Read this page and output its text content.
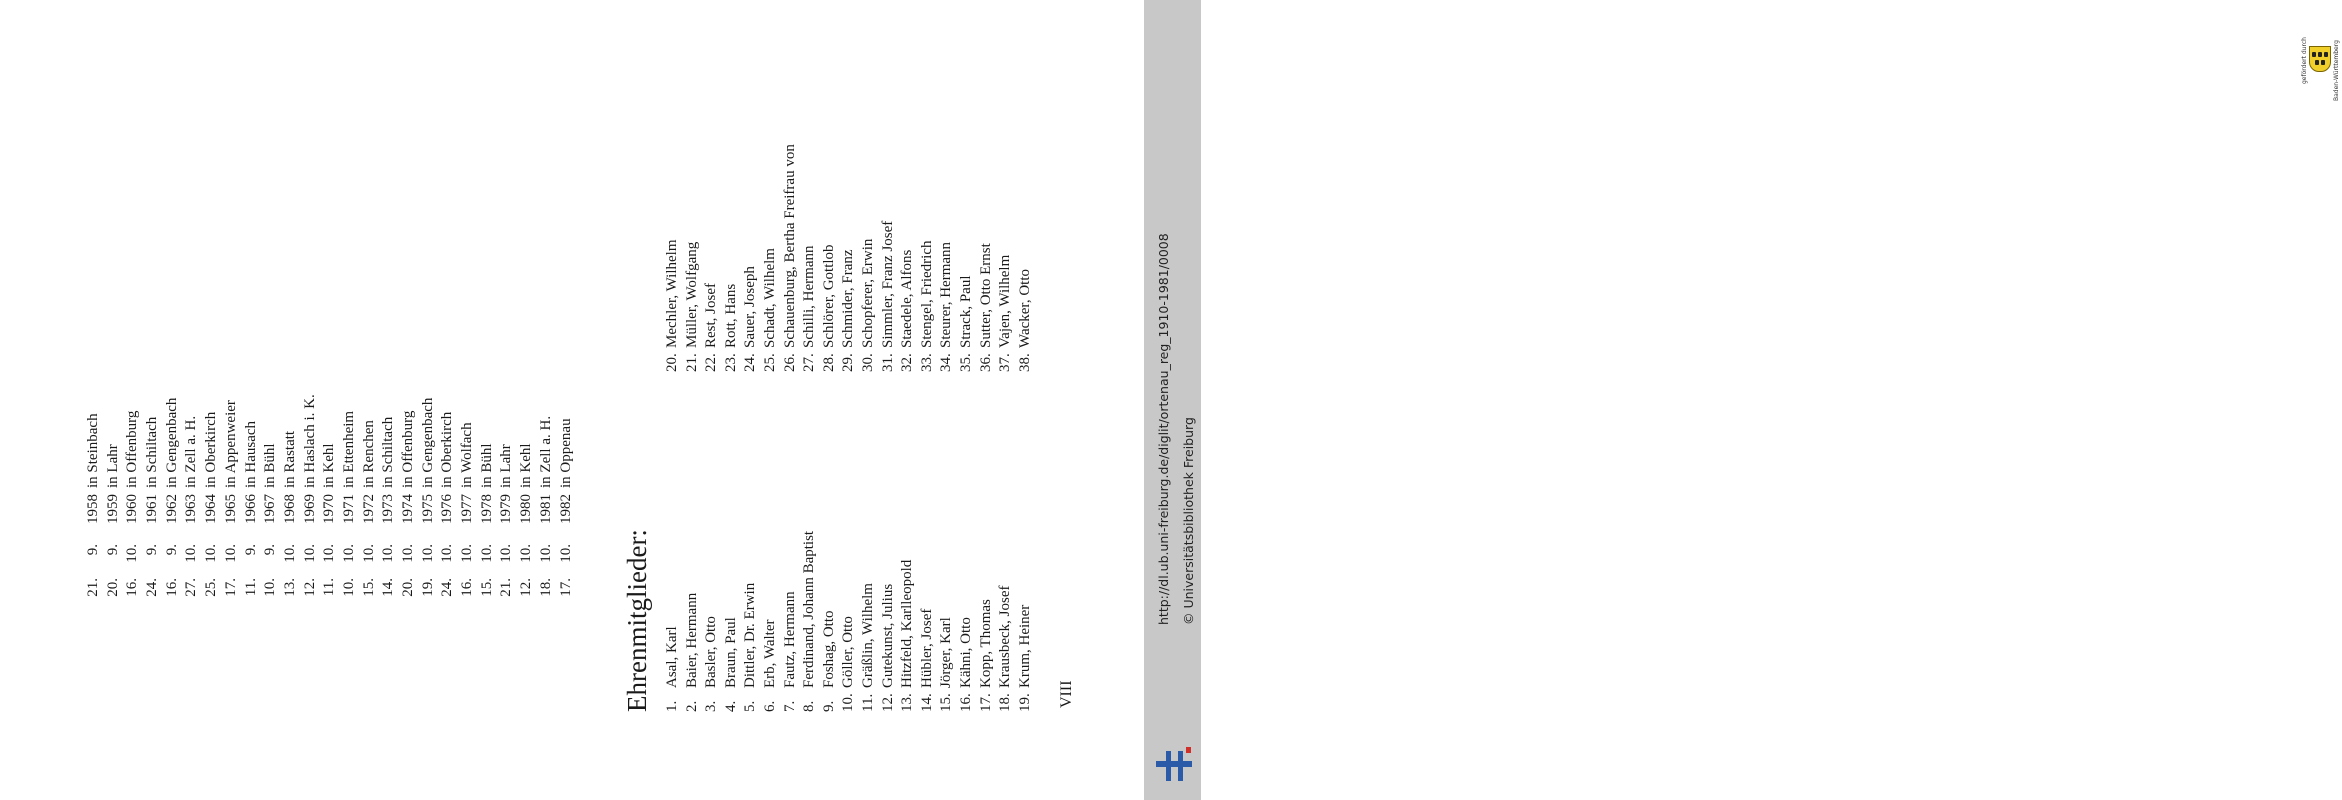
21.
9.
1958
in Steinbach
20.
9.
1959
in Lahr
16.
10.
1960
in Offenburg
24.
9.
1961
in Schiltach
16.
9.
1962
in Gengenbach
27.
10.
1963
in Zell a. H.
25.
10.
1964
in Oberkirch
17.
10.
1965
in Appenweier
11.
9.
1966
in Hausach
10.
9.
1967
in Bühl
13.
10.
1968
in Rastatt
12.
10.
1969
in Haslach i. K.
11.
10.
1970
in Kehl
10.
10.
1971
in Ettenheim
15.
10.
1972
in Renchen
14.
10.
1973
in Schiltach
20.
10.
1974
in Offenburg
19.
10.
1975
in Gengenbach
24.
10.
1976
in Oberkirch
16.
10.
1977
in Wolfach
15.
10.
1978
in Bühl
21.
10.
1979
in Lahr
12.
10.
1980
in Kehl
18.
10.
1981
in Zell a. H.
17.
10.
1982
in Oppenau
Ehrenmitglieder: 1.Asal, Karl
2.Baier, Hermann
3.Basler, Otto
4.Braun, Paul
5.Dittler, Dr. Erwin
6.Erb, Walter
7.Fautz, Hermann
8.Ferdinand, Johann Baptist
9.Foshag, Otto
10.Göller, Otto
11.Gräßlin, Wilhelm
12.Gutekunst, Julius
13.Hitzfeld, Karlleopold
14.Hübler, Josef
15.Jörger, Karl
16.Kähni, Otto
17.Kopp, Thomas
18.Krausbeck, Josef
19.Krum, Heiner
20.Mechler, Wilhelm
21.Müller, Wolfgang
22.Rest, Josef
23.Rott, Hans
24.Sauer, Joseph
25.Schadt, Wilhelm
26.Schauenburg, Bertha Freifrau von
27.Schilli, Hermann
28.Schlörer, Gottlob
29.Schmider, Franz
30.Schopferer, Erwin
31.Simmler, Franz Josef
32.Staedele, Alfons
33.Stengel, Friedrich
34.Steurer, Hermann
35.Strack, Paul
36.Sutter, Otto Ernst
37.Vajen, Wilhelm
38.Wacker, Otto
VIII
gefördert durch	Baden-Württemberg
http://dl.ub.uni-freiburg.de/diglit/ortenau_reg_1910-1981/0008 © Universitätsbibliothek Freiburg
